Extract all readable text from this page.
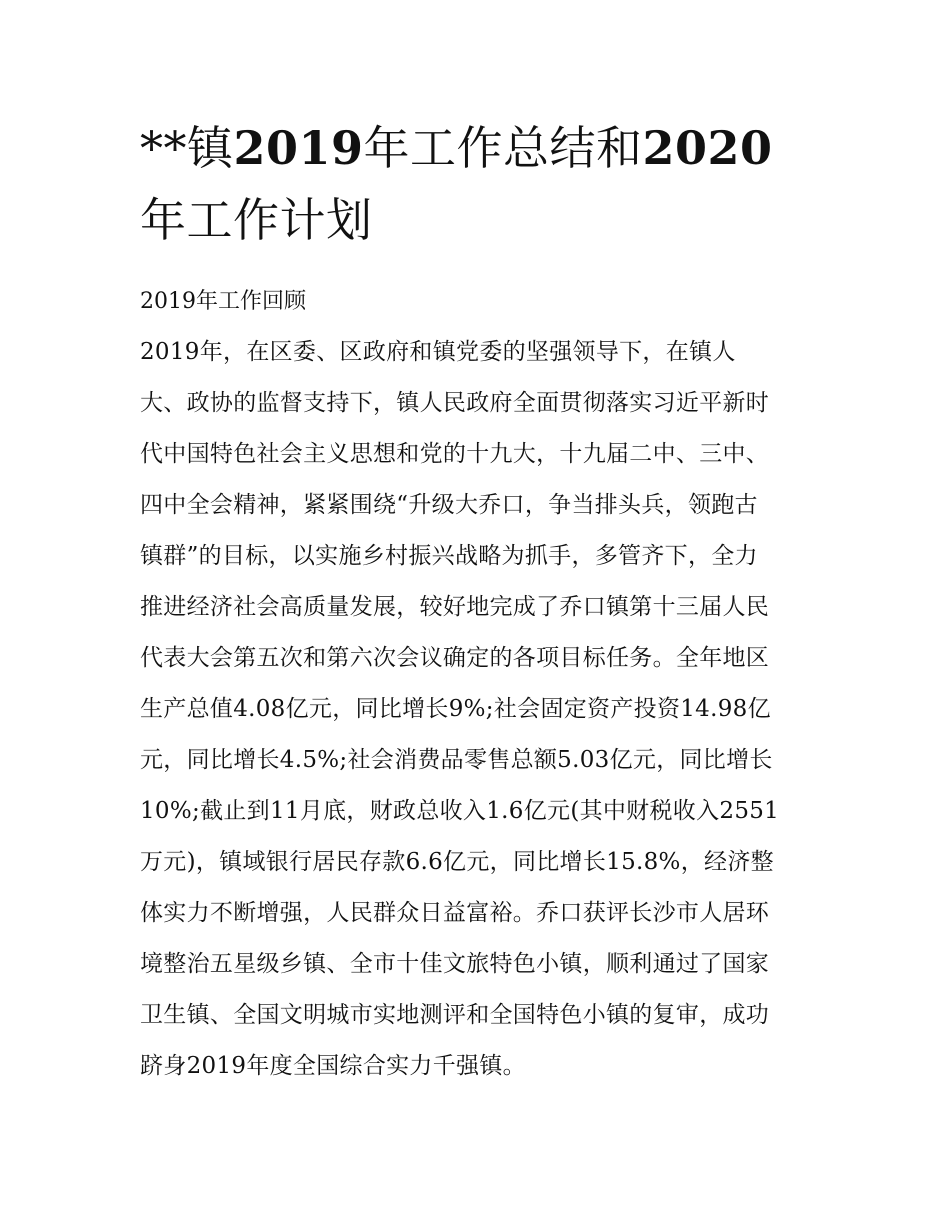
**镇2019年工作总结和2020
年工作计划
2019年工作回顾

2019年，在区委、区政府和镇党委的坚强领导下，在镇人
大、政协的监督支持下，镇人民政府全面贯彻落实习近平新时
代中国特色社会主义思想和党的十九大，十九届二中、三中、
四中全会精神，紧紧围绕“升级大乔口，争当排头兵，领跑古
镇群”的目标，以实施乡村振兴战略为抓手，多管齐下，全力
推进经济社会高质量发展，较好地完成了乔口镇第十三届人民
代表大会第五次和第六次会议确定的各项目标任务。全年地区
生产总值4.08亿元，同比增长9%;社会固定资产投资14.98亿
元，同比增长4.5%;社会消费品零售总额5.03亿元，同比增长
10%;截止到11月底，财政总收入1.6亿元(其中财税收入2551
万元)，镇域银行居民存款6.6亿元，同比增长15.8%，经济整
体实力不断增强，人民群众日益富裕。乔口获评长沙市人居环
境整治五星级乡镇、全市十佳文旅特色小镇，顺利通过了国家
卫生镇、全国文明城市实地测评和全国特色小镇的复审，成功
跻身2019年度全国综合实力千强镇。
